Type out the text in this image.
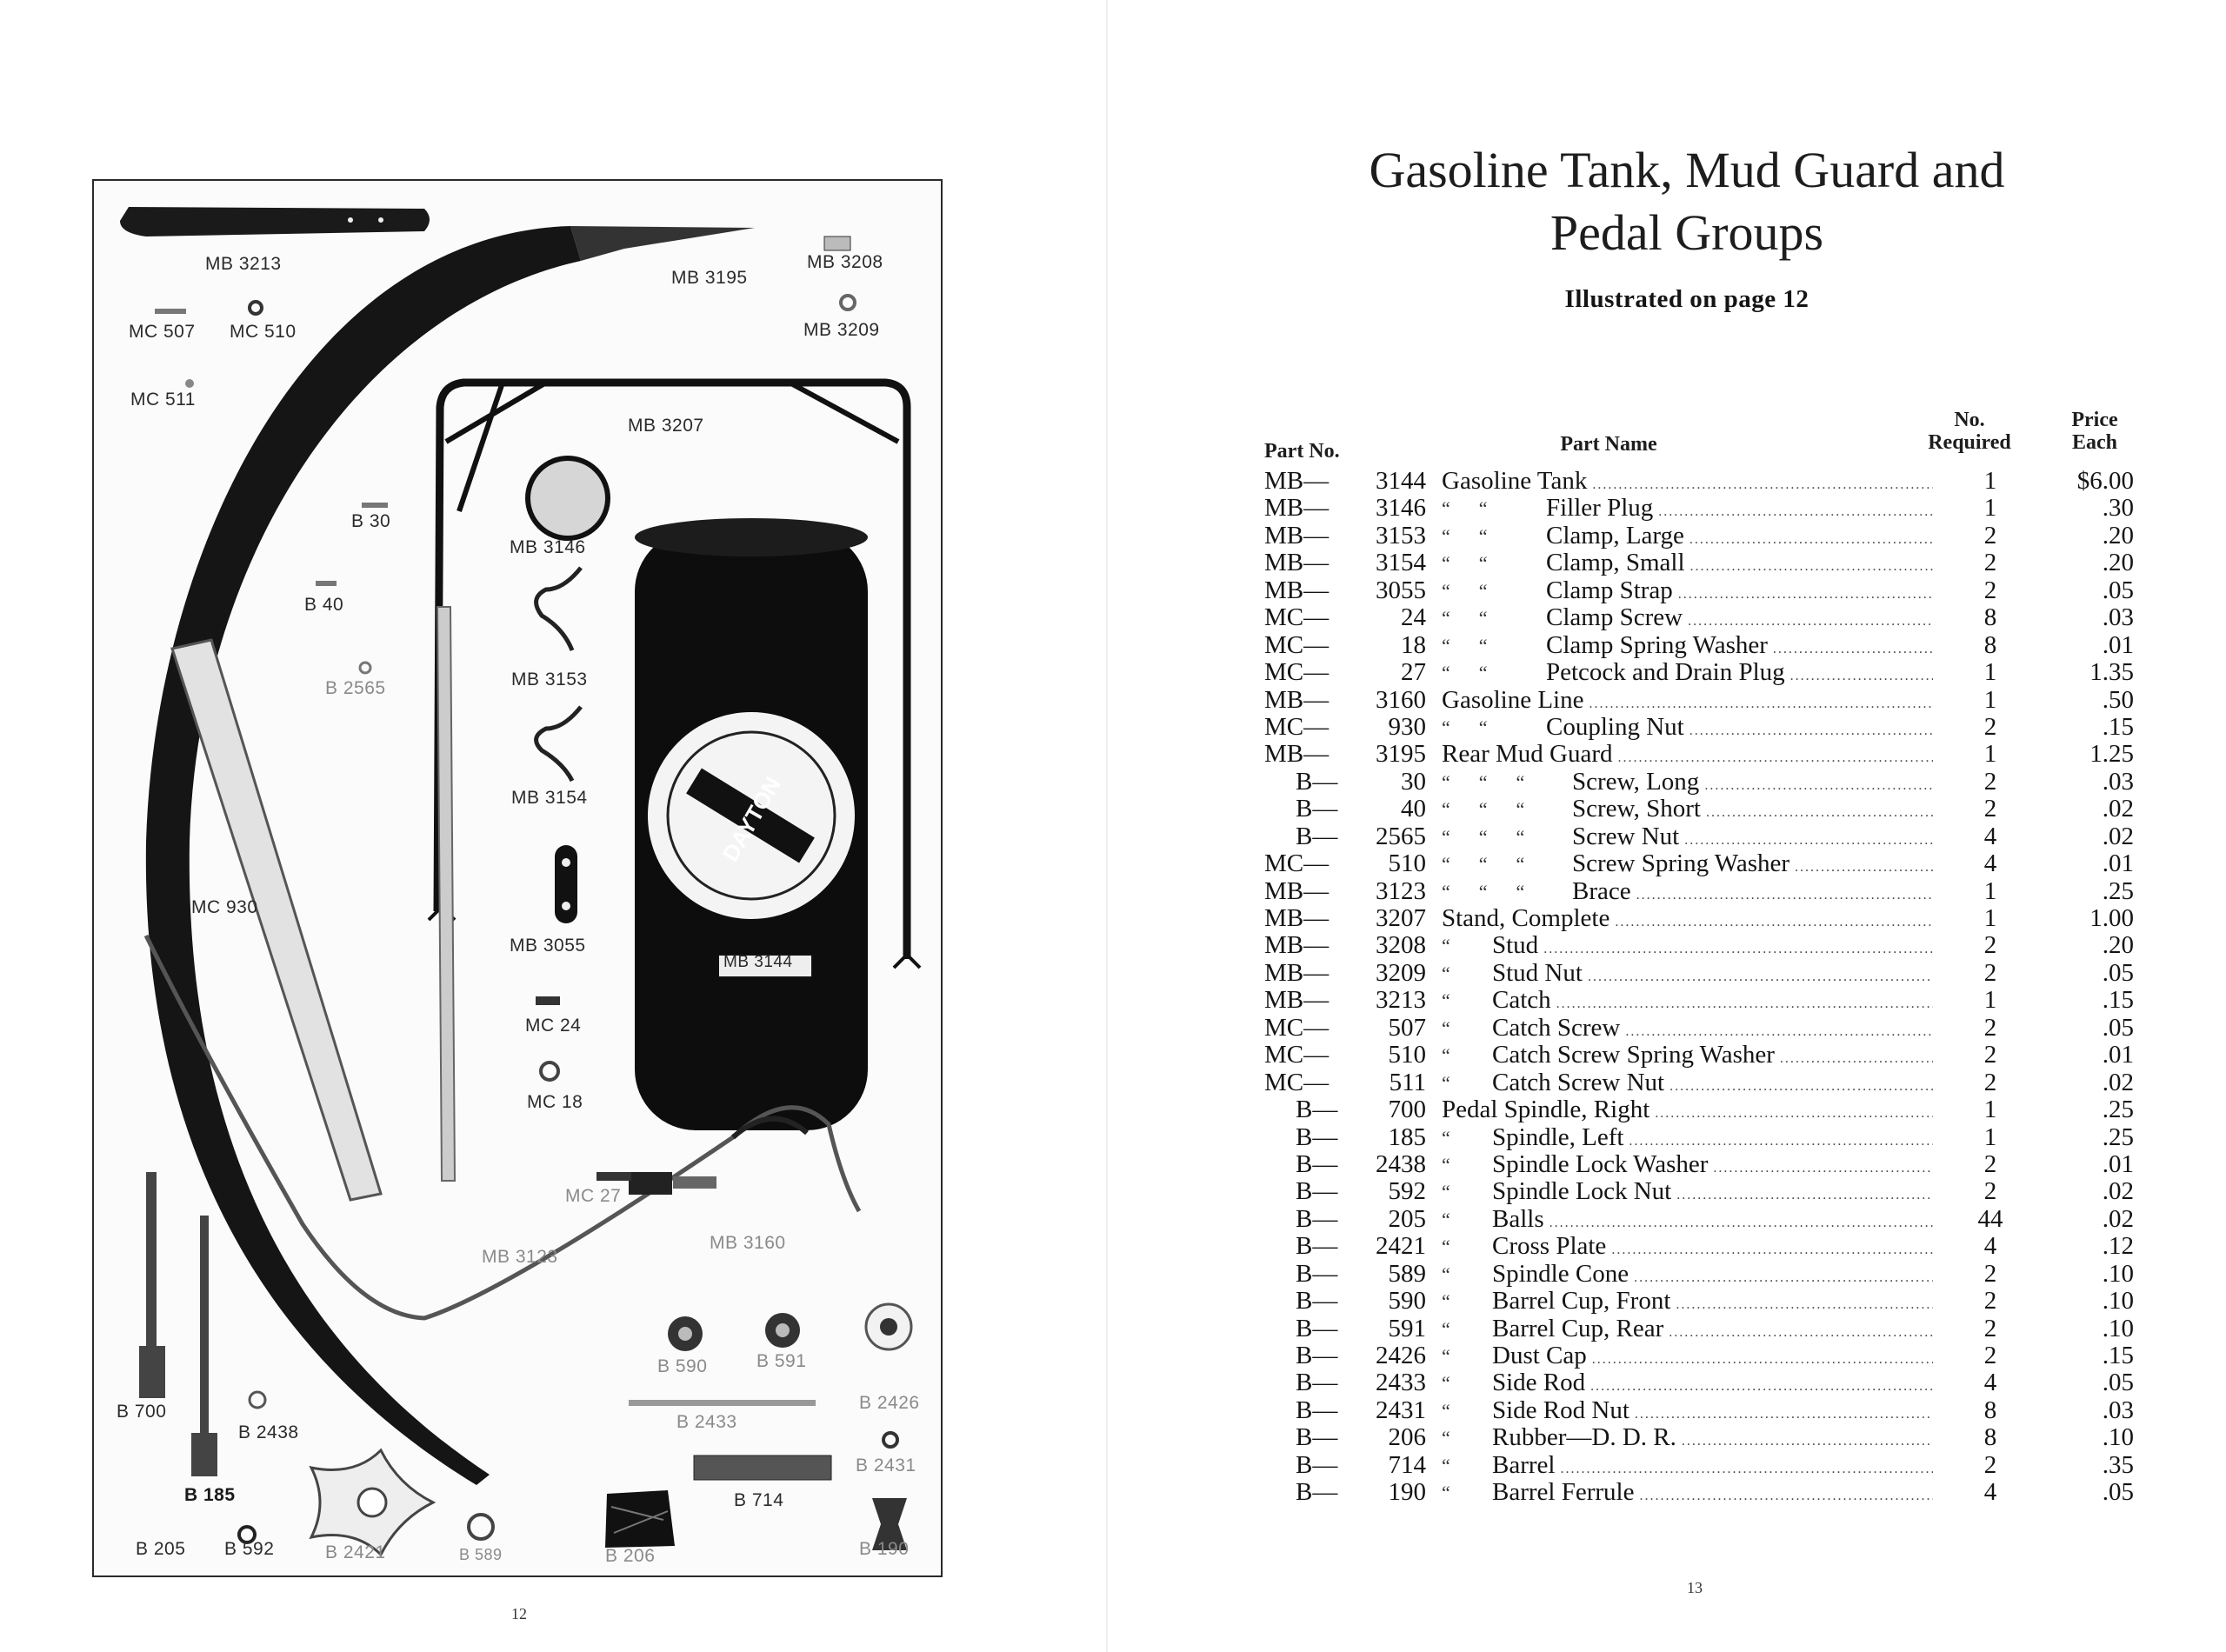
DAYTON
MB 3213
MB 3195
MB 3208
MC 507 MC 510	MB 3209
MC 511
MB 3207
B 30
MB 3146
B 40
B 2565	MB 3153
MB 3154
MC 930
MB 3055
MB 3144
MC 24
MC 18
MC 27
MB 3123
MB 3160
B 700
B 2438
B 590	B 591
B 2426
B 2433
B 2431
B 185	B 714
B 205 B 592	B 2421	B 589	B 206	B 190
12
Gasoline Tank, Mud Guard and
Pedal Groups
Illustrated on page 12
Part No.	Part Name
No.
Required
Price
Each
MB—	3144 Gasoline Tank .....	1	$6.00
MB—	3146 “      “ Filler Plug .....	1	.30
MB—	3153 “      “ Clamp, Large .....	2	.20
MB—	3154 “      “ Clamp, Small .....	2	.20
MB—	3055 “      “ Clamp Strap .....	2	.05
MC—	24 “      “ Clamp Screw .....	8	.03
MC—	18 “      “ Clamp Spring Washer .....	8	.01
MC—	27 “      “ Petcock and Drain Plug .....	1	1.35
MB—	3160 Gasoline Line .....	1	.50
MC—	930 “      “ Coupling Nut .....	2	.15
MB—	3195 Rear Mud Guard .....	1	1.25
B—	30 “      “      “ Screw, Long .....	2	.03
B—	40 “      “      “ Screw, Short .....	2	.02
B—	2565 “      “      “ Screw Nut .....	4	.02
MC—	510 “      “      “ Screw Spring Washer .....	4	.01
MB—	3123 “      “      “ Brace .....	1	.25
MB—	3207 Stand, Complete .....	1	1.00
MB—	3208 “ Stud .....	2	.20
MB—	3209 “ Stud Nut .....	2	.05
MB—	3213 “ Catch .....	1	.15
MC—	507 “ Catch Screw .....	2	.05
MC—	510 “ Catch Screw Spring Washer .....	2	.01
MC—	511 “ Catch Screw Nut .....	2	.02
B—	700 Pedal Spindle, Right .....	1	.25
B—	185 “ Spindle, Left .....	1	.25
B—	2438 “ Spindle Lock Washer .....	2	.01
B—	592 “ Spindle Lock Nut .....	2	.02
B—	205 “ Balls .....	44	.02
B—	2421 “ Cross Plate .....	4	.12
B—	589 “ Spindle Cone .....	2	.10
B—	590 “ Barrel Cup, Front .....	2	.10
B—	591 “ Barrel Cup, Rear .....	2	.10
B—	2426 “ Dust Cap .....	2	.15
B—	2433 “ Side Rod .....	4	.05
B—	2431 “ Side Rod Nut .....	8	.03
B—	206 “ Rubber—D. D. R. .....	8	.10
B—	714 “ Barrel .....	2	.35
B—	190 “ Barrel Ferrule .....	4	.05
13
